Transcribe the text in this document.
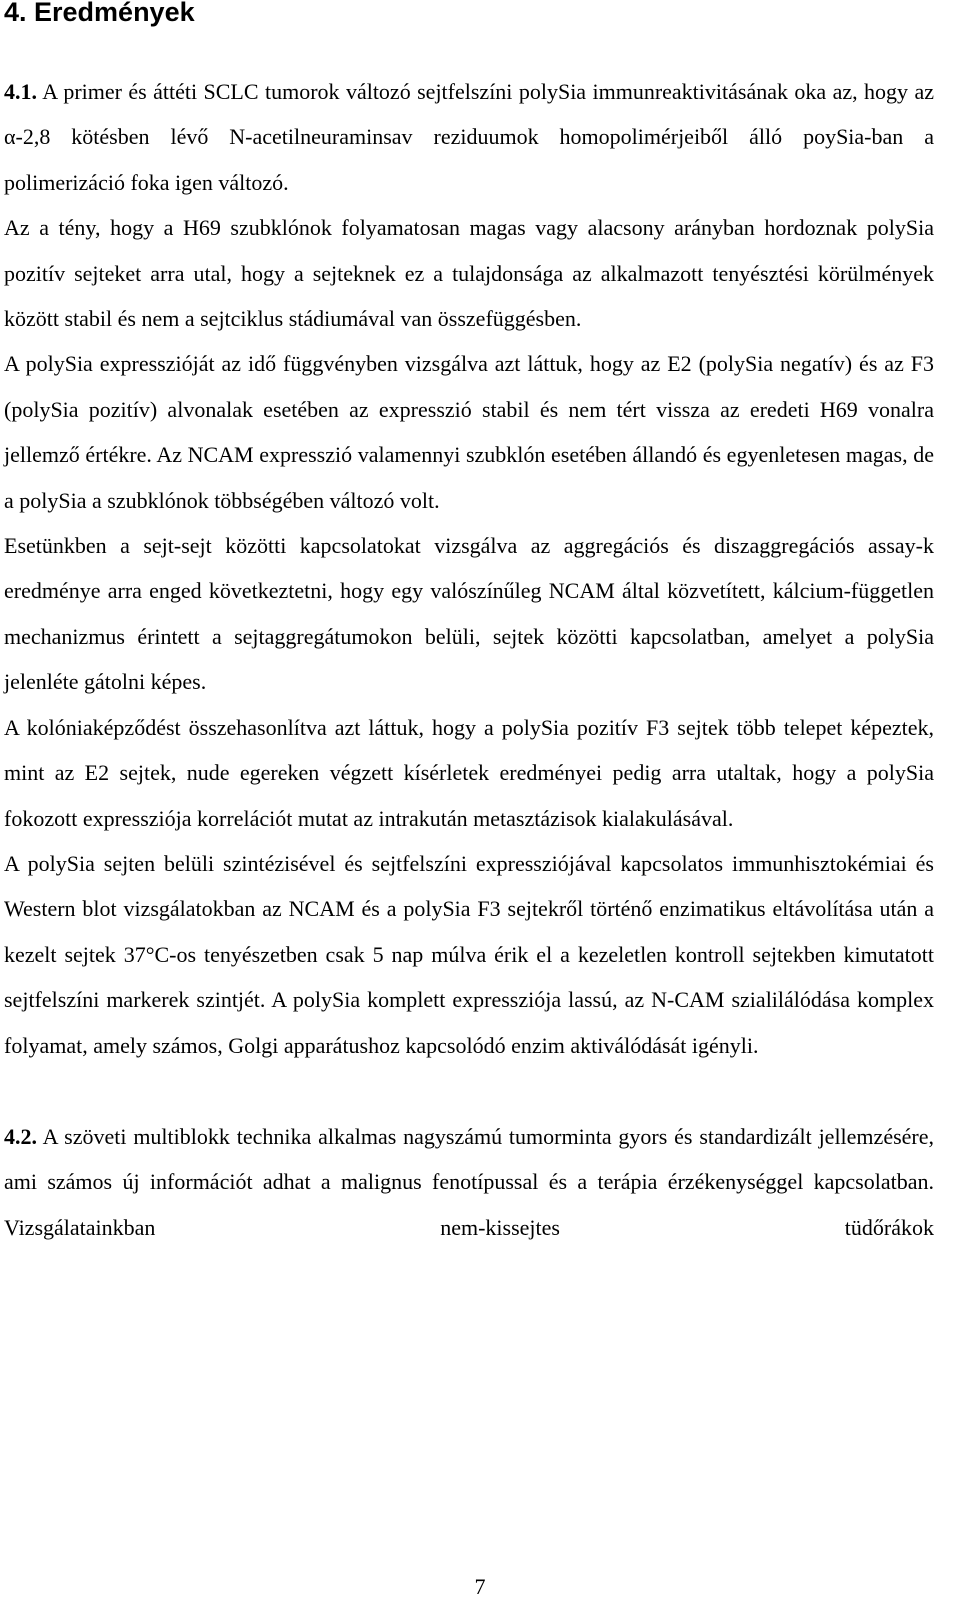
4. Eredmények

4.1. A primer és áttéti SCLC tumorok változó sejtfelszíni polySia immunreaktivitásának oka az, hogy az α-2,8 kötésben lévő N-acetilneuraminsav reziduumok homopolimérjeiből álló poySia-ban a polimerizáció foka igen változó.

Az a tény, hogy a H69 szubklónok folyamatosan magas vagy alacsony arányban hordoznak polySia pozitív sejteket arra utal, hogy a sejteknek ez a tulajdonsága az alkalmazott tenyésztési körülmények között stabil és nem a sejtciklus stádiumával van összefüggésben.

A polySia expresszióját az idő függvényben vizsgálva azt láttuk, hogy az E2 (polySia negatív) és az F3 (polySia pozitív) alvonalak esetében az expresszió stabil és nem tért vissza az eredeti H69 vonalra jellemző értékre. Az NCAM expresszió valamennyi szubklón esetében állandó és egyenletesen magas, de a polySia a szubklónok többségében változó volt.

Esetünkben a sejt-sejt közötti kapcsolatokat vizsgálva az aggregációs és diszaggregációs assay-k eredménye arra enged következtetni, hogy egy valószínűleg NCAM által közvetített, kálcium-független mechanizmus érintett a sejtaggregátumokon belüli, sejtek közötti kapcsolatban, amelyet a polySia jelenléte gátolni képes.

A kolóniaképződést összehasonlítva azt láttuk, hogy a polySia pozitív F3 sejtek több telepet képeztek, mint az E2 sejtek, nude egereken végzett kísérletek eredményei pedig arra utaltak, hogy a polySia fokozott expressziója korrelációt mutat az intrakután metasztázisok kialakulásával.

A polySia sejten belüli szintézisével és sejtfelszíni expressziójával kapcsolatos immunhisztokémiai és Western blot vizsgálatokban az NCAM és a polySia F3 sejtekről történő enzimatikus eltávolítása után a kezelt sejtek 37°C-os tenyészetben csak 5 nap múlva érik el a kezeletlen kontroll sejtekben kimutatott sejtfelszíni markerek szintjét. A polySia komplett expressziója lassú, az N-CAM szialilálódása komplex folyamat, amely számos, Golgi apparátushoz kapcsolódó enzim aktiválódását igényli.

4.2. A szöveti multiblokk technika alkalmas nagyszámú tumorminta gyors és standardizált jellemzésére, ami számos új információt adhat a malignus fenotípussal és a terápia érzékenységgel kapcsolatban. Vizsgálatainkban nem-kissejtes tüdőrákok

7
